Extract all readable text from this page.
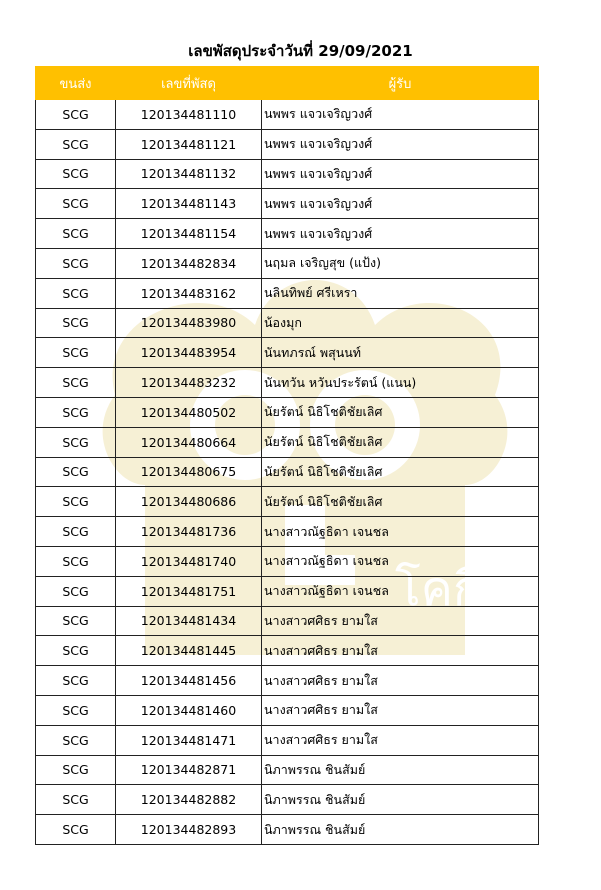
โคกี้
เลขพัสดุประจำวันที่ 29/09/2021
ขนส่ง	เลขที่พัสดุ	ผู้รับ
SCG	120134481110	นพพร แจวเจริญวงศ์
SCG	120134481121	นพพร แจวเจริญวงศ์
SCG	120134481132	นพพร แจวเจริญวงศ์
SCG	120134481143	นพพร แจวเจริญวงศ์
SCG	120134481154	นพพร แจวเจริญวงศ์
SCG	120134482834	นฤมล เจริญสุข (แป้ง)
SCG	120134483162	นลินทิพย์ ศรีเหรา
SCG	120134483980	น้องมุก
SCG	120134483954	นันทภรณ์ พสุนนท์
SCG	120134483232	นันทวัน หวันประรัตน์ (แนน)
SCG	120134480502	นัยรัตน์ นิธิโชติชัยเลิศ
SCG	120134480664	นัยรัตน์ นิธิโชติชัยเลิศ
SCG	120134480675	นัยรัตน์ นิธิโชติชัยเลิศ
SCG	120134480686	นัยรัตน์ นิธิโชติชัยเลิศ
SCG	120134481736	นางสาวณัฐธิดา เจนชล
SCG	120134481740	นางสาวณัฐธิดา เจนชล
SCG	120134481751	นางสาวณัฐธิดา เจนชล
SCG	120134481434	นางสาวศศิธร ยามใส
SCG	120134481445	นางสาวศศิธร ยามใส
SCG	120134481456	นางสาวศศิธร ยามใส
SCG	120134481460	นางสาวศศิธร ยามใส
SCG	120134481471	นางสาวศศิธร ยามใส
SCG	120134482871	นิภาพรรณ ชินสัมย์
SCG	120134482882	นิภาพรรณ ชินสัมย์
SCG	120134482893	นิภาพรรณ ชินสัมย์
